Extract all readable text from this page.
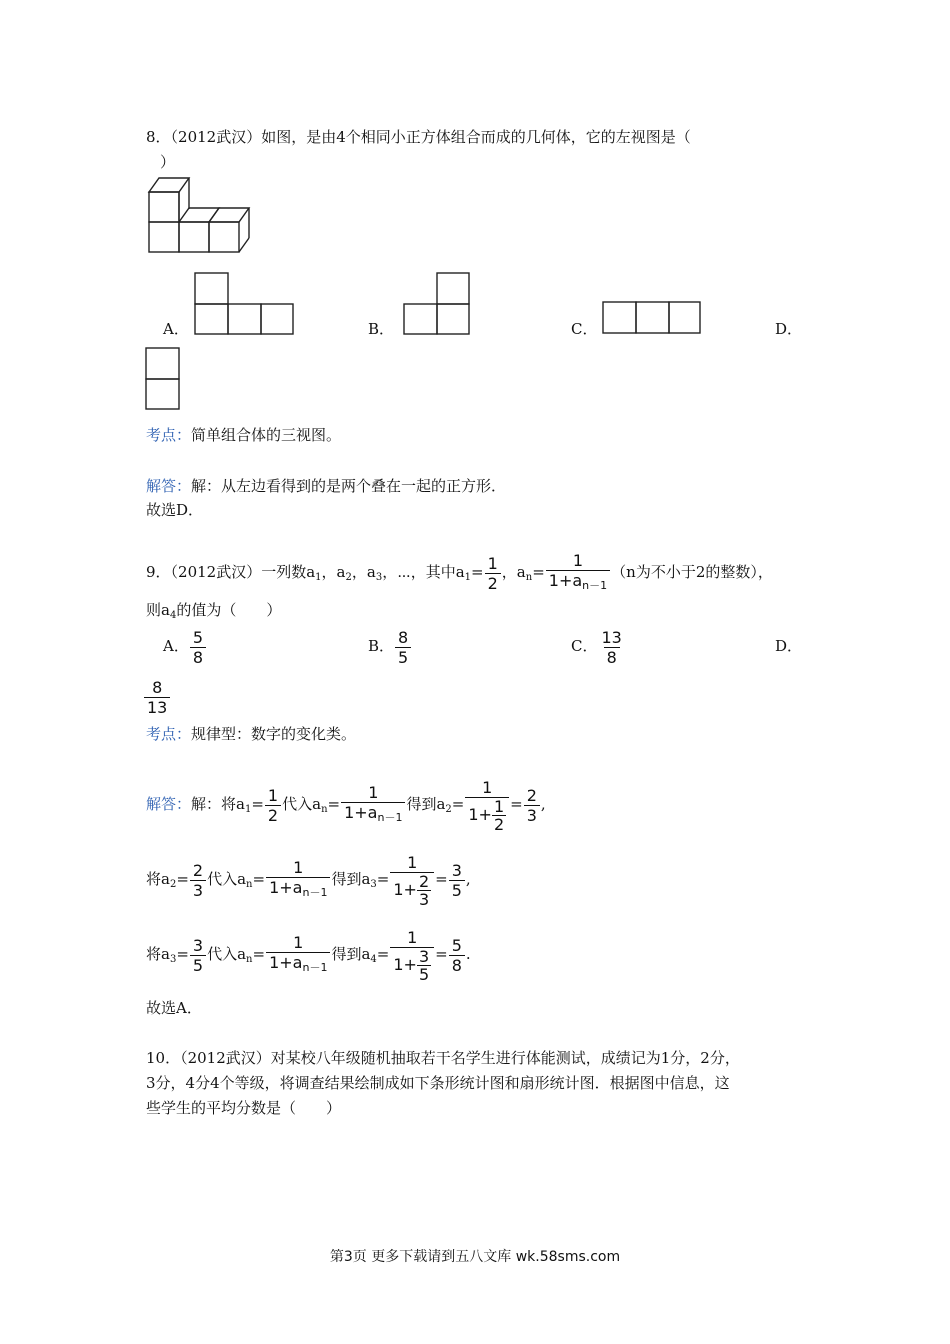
8．（2012武汉）如图，是由4个相同小正方体组合而成的几何体，它的左视图是（
）
A．	B．	C．	D．
考点：简单组合体的三视图。
解答：解：从左边看得到的是两个叠在一起的正方形．
故选D．
9．（2012武汉）一列数$a_1$，$a_2$，$a_3$，⋯，其中$a_1= \frac{1}{2}$ ，$a_n= \frac{1}{1+a_{n-1}} (n$为不小于2的整数），
则$a_4$的值为（　　）
A． $\frac{5}{8}$	B． $\frac{8}{5}$	C． $\frac{13}{8}$	D．
$\frac{8}{13}$
考点：规律型：数字的变化类。
解答：解：将$a_1= \frac{1}{2}$ 代入$a_n= \frac{1}{1+a_{n-1}}$ 得到$a_2= \frac{1}{1+ \frac{1}{2}} = \frac{2}{3}$ ,
将$a_2= \frac{2}{3}$ 代入$a_n= \frac{1}{1+a_{n-1}}$ 得到$a_3= \frac{1}{1+ \frac{2}{3}} = \frac{3}{5}$ ,
将$a_3= \frac{3}{5}$ 代入$a_n= \frac{1}{1+a_{n-1}}$ 得到$a_4= \frac{1}{1+ \frac{3}{5}} = \frac{5}{8}$ .
故选A．
10．（2012武汉）对某校八年级随机抽取若干名学生进行体能测试，成绩记为1分，2分，
3分，4分4个等级，将调查结果绘制成如下条形统计图和扇形统计图．根据图中信息，这
些学生的平均分数是（　　）
第3页 更多下载请到五八文库 wk.58sms.com
